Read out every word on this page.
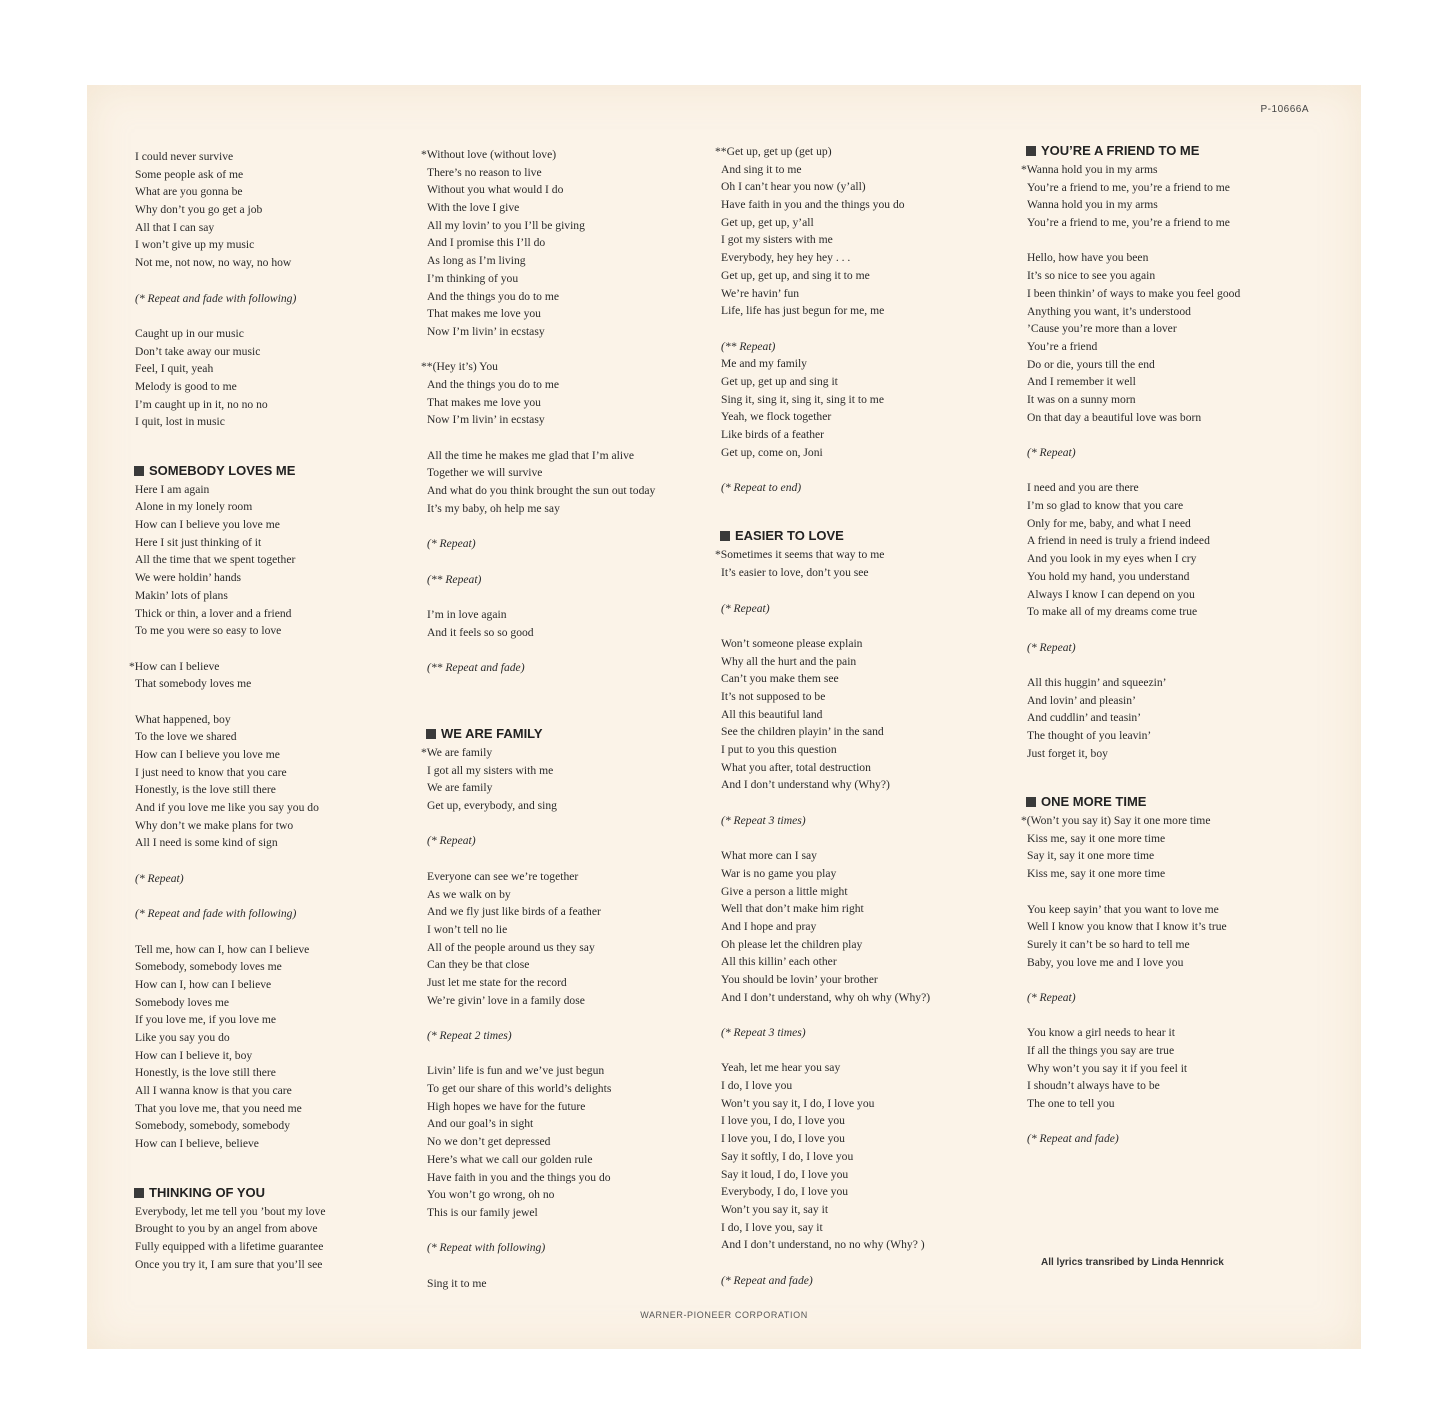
P-10666A
I could never survive
Some people ask of me
What are you gonna be
Why don’t you go get a job
All that I can say
I won’t give up my music
Not me, not now, no way, no how
(* Repeat and fade with following)
Caught up in our music
Don’t take away our music
Feel, I quit, yeah
Melody is good to me
I’m caught up in it, no no no
I quit, lost in music
SOMEBODY LOVES ME
Here I am again
Alone in my lonely room
How can I believe you love me
Here I sit just thinking of it
All the time that we spent together
We were holdin’ hands
Makin’ lots of plans
Thick or thin, a lover and a friend
To me you were so easy to love
*How can I believe
That somebody loves me
What happened, boy
To the love we shared
How can I believe you love me
I just need to know that you care
Honestly, is the love still there
And if you love me like you say you do
Why don’t we make plans for two
All I need is some kind of sign
(* Repeat)
(* Repeat and fade with following)
Tell me, how can I, how can I believe
Somebody, somebody loves me
How can I, how can I believe
Somebody loves me
If you love me, if you love me
Like you say you do
How can I believe it, boy
Honestly, is the love still there
All I wanna know is that you care
That you love me, that you need me
Somebody, somebody, somebody
How can I believe, believe
THINKING OF YOU
Everybody, let me tell you ’bout my love
Brought to you by an angel from above
Fully equipped with a lifetime guarantee
Once you try it, I am sure that you’ll see
*Without love (without love)
There’s no reason to live
Without you what would I do
With the love I give
All my lovin’ to you I’ll be giving
And I promise this I’ll do
As long as I’m living
I’m thinking of you
And the things you do to me
That makes me love you
Now I’m livin’ in ecstasy
**(Hey it’s) You
And the things you do to me
That makes me love you
Now I’m livin’ in ecstasy
All the time he makes me glad that I’m alive
Together we will survive
And what do you think brought the sun out today
It’s my baby, oh help me say
(* Repeat)
(** Repeat)
I’m in love again
And it feels so so good
(** Repeat and fade)
WE ARE FAMILY
*We are family
I got all my sisters with me
We are family
Get up, everybody, and sing
(* Repeat)
Everyone can see we’re together
As we walk on by
And we fly just like birds of a feather
I won’t tell no lie
All of the people around us they say
Can they be that close
Just let me state for the record
We’re givin’ love in a family dose
(* Repeat 2 times)
Livin’ life is fun and we’ve just begun
To get our share of this world’s delights
High hopes we have for the future
And our goal’s in sight
No we don’t get depressed
Here’s what we call our golden rule
Have faith in you and the things you do
You won’t go wrong, oh no
This is our family jewel
(* Repeat with following)
Sing it to me
**Get up, get up (get up)
And sing it to me
Oh I can’t hear you now (y’all)
Have faith in you and the things you do
Get up, get up, y’all
I got my sisters with me
Everybody, hey hey hey . . .
Get up, get up, and sing it to me
We’re havin’ fun
Life, life has just begun for me, me
(** Repeat)
Me and my family
Get up, get up and sing it
Sing it, sing it, sing it, sing it to me
Yeah, we flock together
Like birds of a feather
Get up, come on, Joni
(* Repeat to end)
EASIER TO LOVE
*Sometimes it seems that way to me
It’s easier to love, don’t you see
(* Repeat)
Won’t someone please explain
Why all the hurt and the pain
Can’t you make them see
It’s not supposed to be
All this beautiful land
See the children playin’ in the sand
I put to you this question
What you after, total destruction
And I don’t understand why (Why?)
(* Repeat 3 times)
What more can I say
War is no game you play
Give a person a little might
Well that don’t make him right
And I hope and pray
Oh please let the children play
All this killin’ each other
You should be lovin’ your brother
And I don’t understand, why oh why (Why?)
(* Repeat 3 times)
Yeah, let me hear you say
I do, I love you
Won’t you say it, I do, I love you
I love you, I do, I love you
I love you, I do, I love you
Say it softly, I do, I love you
Say it loud, I do, I love you
Everybody, I do, I love you
Won’t you say it, say it
I do, I love you, say it
And I don’t understand, no no why (Why? )
(* Repeat and fade)
YOU’RE A FRIEND TO ME
*Wanna hold you in my arms
You’re a friend to me, you’re a friend to me
Wanna hold you in my arms
You’re a friend to me, you’re a friend to me
Hello, how have you been
It’s so nice to see you again
I been thinkin’ of ways to make you feel good
Anything you want, it’s understood
’Cause you’re more than a lover
You’re a friend
Do or die, yours till the end
And I remember it well
It was on a sunny morn
On that day a beautiful love was born
(* Repeat)
I need and you are there
I’m so glad to know that you care
Only for me, baby, and what I need
A friend in need is truly a friend indeed
And you look in my eyes when I cry
You hold my hand, you understand
Always I know I can depend on you
To make all of my dreams come true
(* Repeat)
All this huggin’ and squeezin’
And lovin’ and pleasin’
And cuddlin’ and teasin’
The thought of you leavin’
Just forget it, boy
ONE MORE TIME
*(Won’t you say it) Say it one more time
Kiss me, say it one more time
Say it, say it one more time
Kiss me, say it one more time
You keep sayin’ that you want to love me
Well I know you know that I know it’s true
Surely it can’t be so hard to tell me
Baby, you love me and I love you
(* Repeat)
You know a girl needs to hear it
If all the things you say are true
Why won’t you say it if you feel it
I shoudn’t always have to be
The one to tell you
(* Repeat and fade)
All lyrics transribed by Linda Hennrick
WARNER-PIONEER CORPORATION
